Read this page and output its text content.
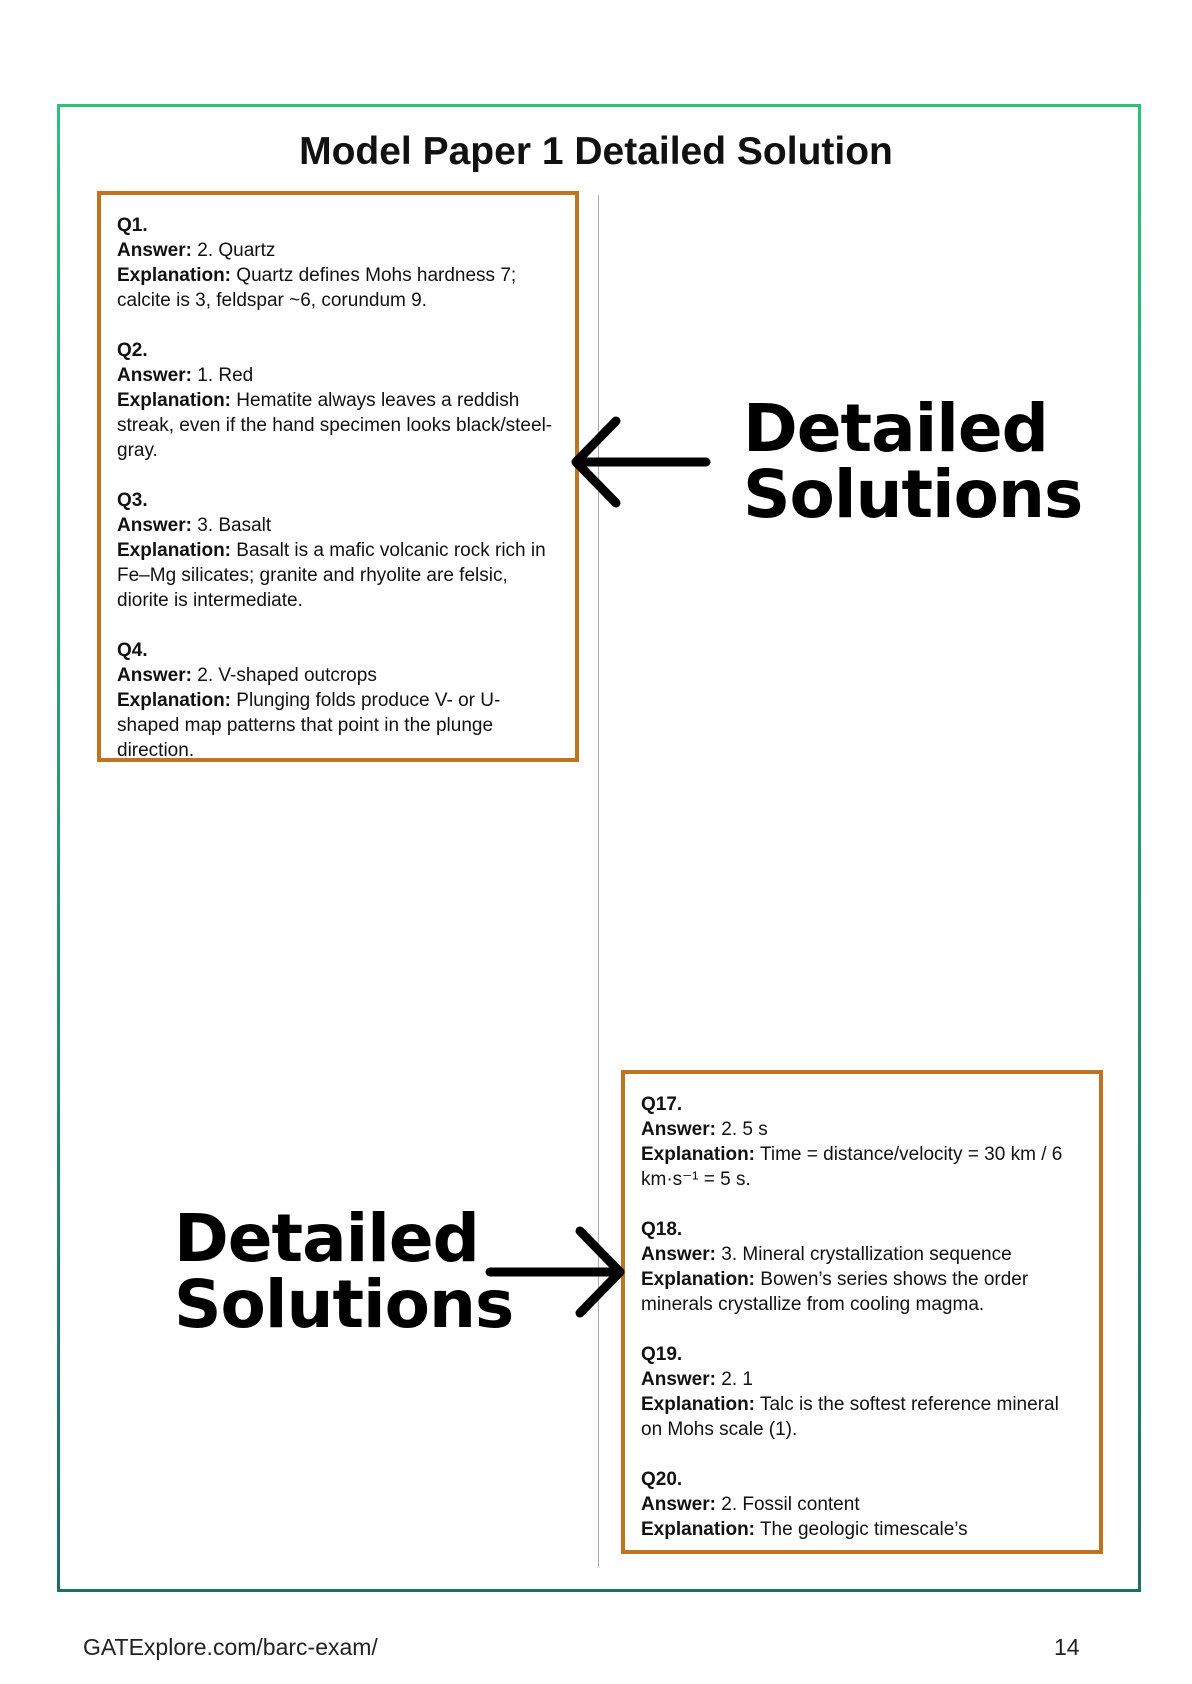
Model Paper 1 Detailed Solution
Q1.
Answer: 2. Quartz
Explanation: Quartz defines Mohs hardness 7; calcite is 3, feldspar ~6, corundum 9.
Q2.
Answer: 1. Red
Explanation: Hematite always leaves a reddish streak, even if the hand specimen looks black/steel-gray.
Q3.
Answer: 3. Basalt
Explanation: Basalt is a mafic volcanic rock rich in Fe–Mg silicates; granite and rhyolite are felsic, diorite is intermediate.
Q4.
Answer: 2. V-shaped outcrops
Explanation: Plunging folds produce V- or U-shaped map patterns that point in the plunge direction.
Q17.
Answer: 2. 5 s
Explanation: Time = distance/velocity = 30 km / 6 km·s⁻¹ = 5 s.
Q18.
Answer: 3. Mineral crystallization sequence
Explanation: Bowen’s series shows the order minerals crystallize from cooling magma.
Q19.
Answer: 2. 1
Explanation: Talc is the softest reference mineral on Mohs scale (1).
Q20.
Answer: 2. Fossil content
Explanation: The geologic timescale’s
Detailed
Solutions
Detailed
Solutions
GATExplore.com/barc-exam/	14
